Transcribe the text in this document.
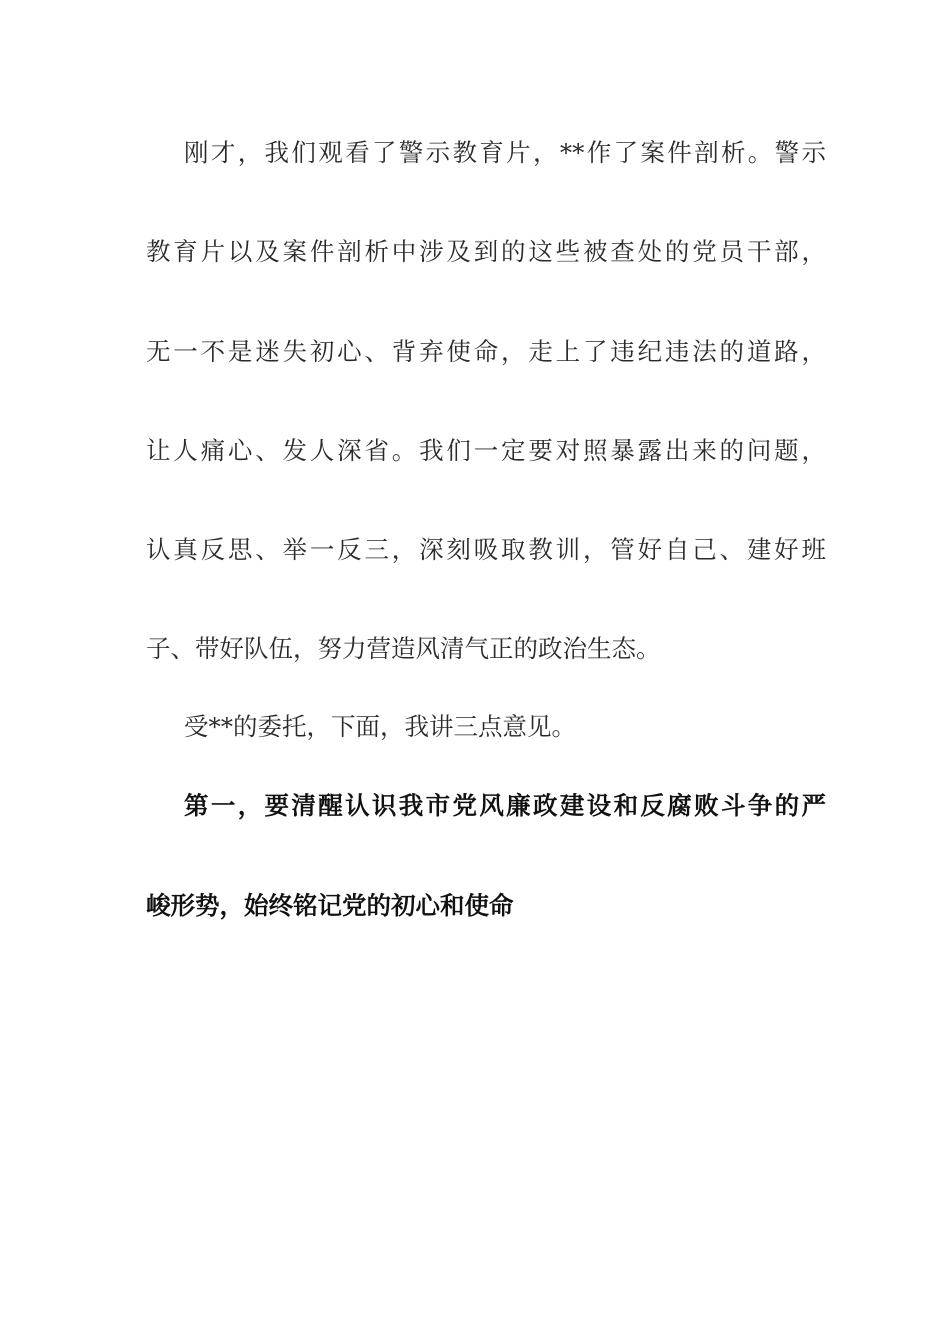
刚才，我们观看了警示教育片，**作了案件剖析。警示
教育片以及案件剖析中涉及到的这些被查处的党员干部，
无一不是迷失初心、背弃使命，走上了违纪违法的道路，
让人痛心、发人深省。我们一定要对照暴露出来的问题，
认真反思、举一反三，深刻吸取教训，管好自己、建好班
子、带好队伍，努力营造风清气正的政治生态。
受**的委托，下面，我讲三点意见。
第一，要清醒认识我市党风廉政建设和反腐败斗争的严
峻形势，始终铭记党的初心和使命
